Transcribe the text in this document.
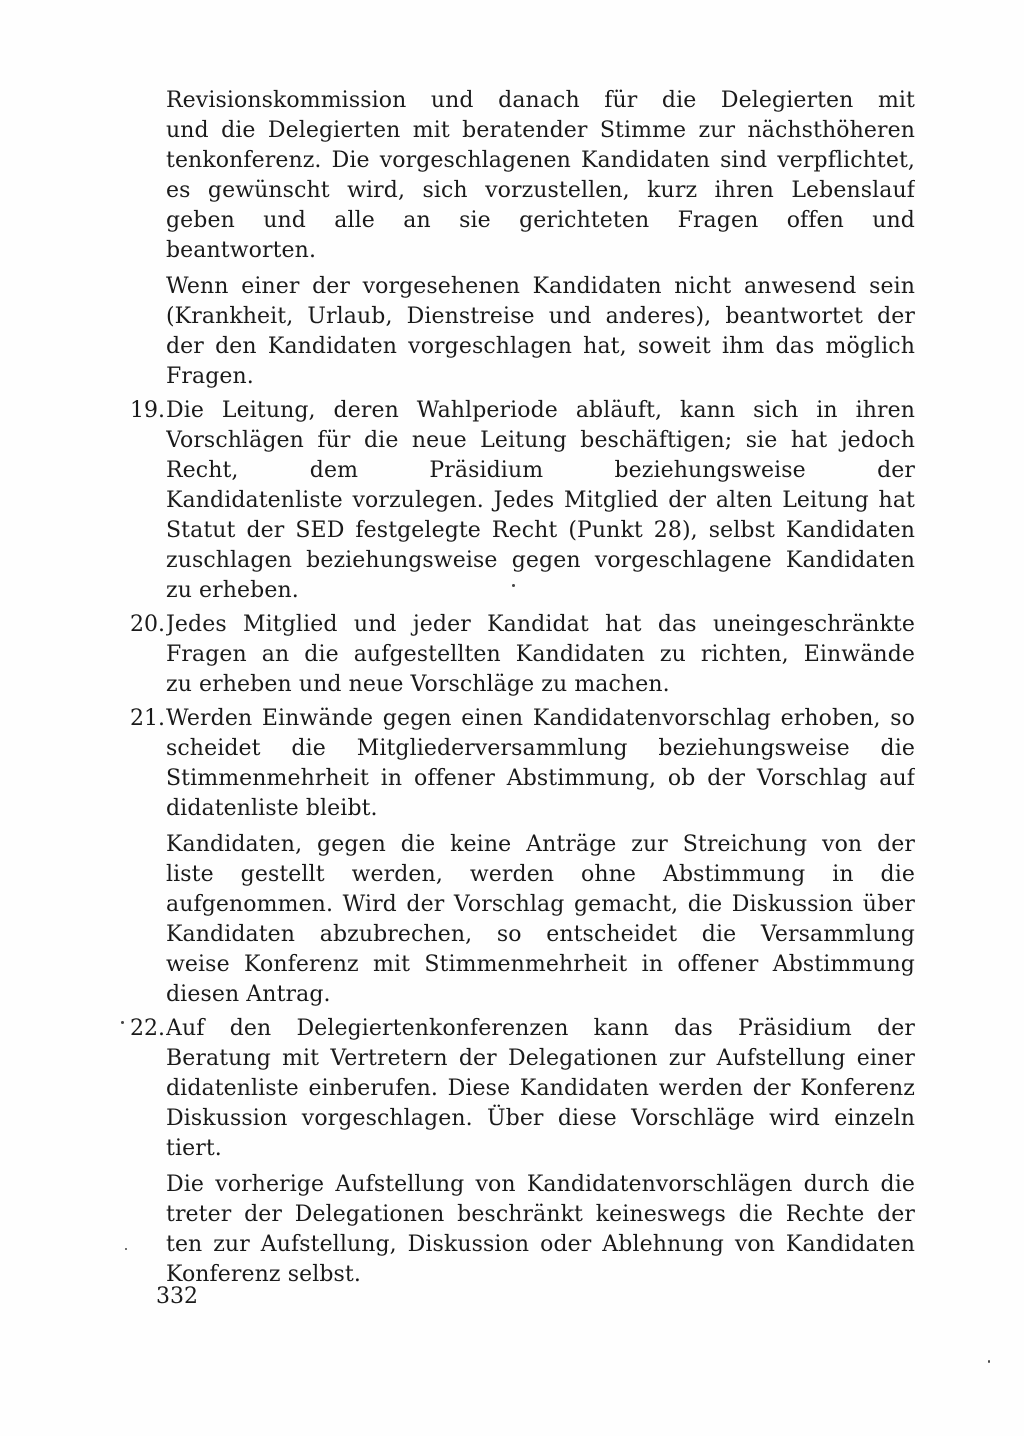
Revisionskommission und danach für die Delegierten mit
und die Delegierten mit beratender Stimme zur nächsthöheren
tenkonferenz. Die vorgeschlagenen Kandidaten sind verpflichtet,
es gewünscht wird, sich vorzustellen, kurz ihren Lebenslauf
geben und alle an sie gerichteten Fragen offen und
beantworten.
Wenn einer der vorgesehenen Kandidaten nicht anwesend sein
(Krankheit, Urlaub, Dienstreise und anderes), beantwortet der
der den Kandidaten vorgeschlagen hat, soweit ihm das möglich
Fragen.
19. Die Leitung, deren Wahlperiode abläuft, kann sich in ihren
Vorschlägen für die neue Leitung beschäftigen; sie hat jedoch
Recht, dem Präsidium beziehungsweise der
Kandidatenliste vorzulegen. Jedes Mitglied der alten Leitung hat
Statut der SED festgelegte Recht (Punkt 28), selbst Kandidaten
zuschlagen beziehungsweise gegen vorgeschlagene Kandidaten
zu erheben.
20. Jedes Mitglied und jeder Kandidat hat das uneingeschränkte
Fragen an die aufgestellten Kandidaten zu richten, Einwände
zu erheben und neue Vorschläge zu machen.
21. Werden Einwände gegen einen Kandidatenvorschlag erhoben, so
scheidet die Mitgliederversammlung beziehungsweise die
Stimmenmehrheit in offener Abstimmung, ob der Vorschlag auf
didatenliste bleibt.
Kandidaten, gegen die keine Anträge zur Streichung von der
liste gestellt werden, werden ohne Abstimmung in die
aufgenommen. Wird der Vorschlag gemacht, die Diskussion über
Kandidaten abzubrechen, so entscheidet die Versammlung
weise Konferenz mit Stimmenmehrheit in offener Abstimmung
diesen Antrag.
22. Auf den Delegiertenkonferenzen kann das Präsidium der
Beratung mit Vertretern der Delegationen zur Aufstellung einer
didatenliste einberufen. Diese Kandidaten werden der Konferenz
Diskussion vorgeschlagen. Über diese Vorschläge wird einzeln
tiert.
Die vorherige Aufstellung von Kandidatenvorschlägen durch die
treter der Delegationen beschränkt keineswegs die Rechte der
ten zur Aufstellung, Diskussion oder Ablehnung von Kandidaten
Konferenz selbst.
332
